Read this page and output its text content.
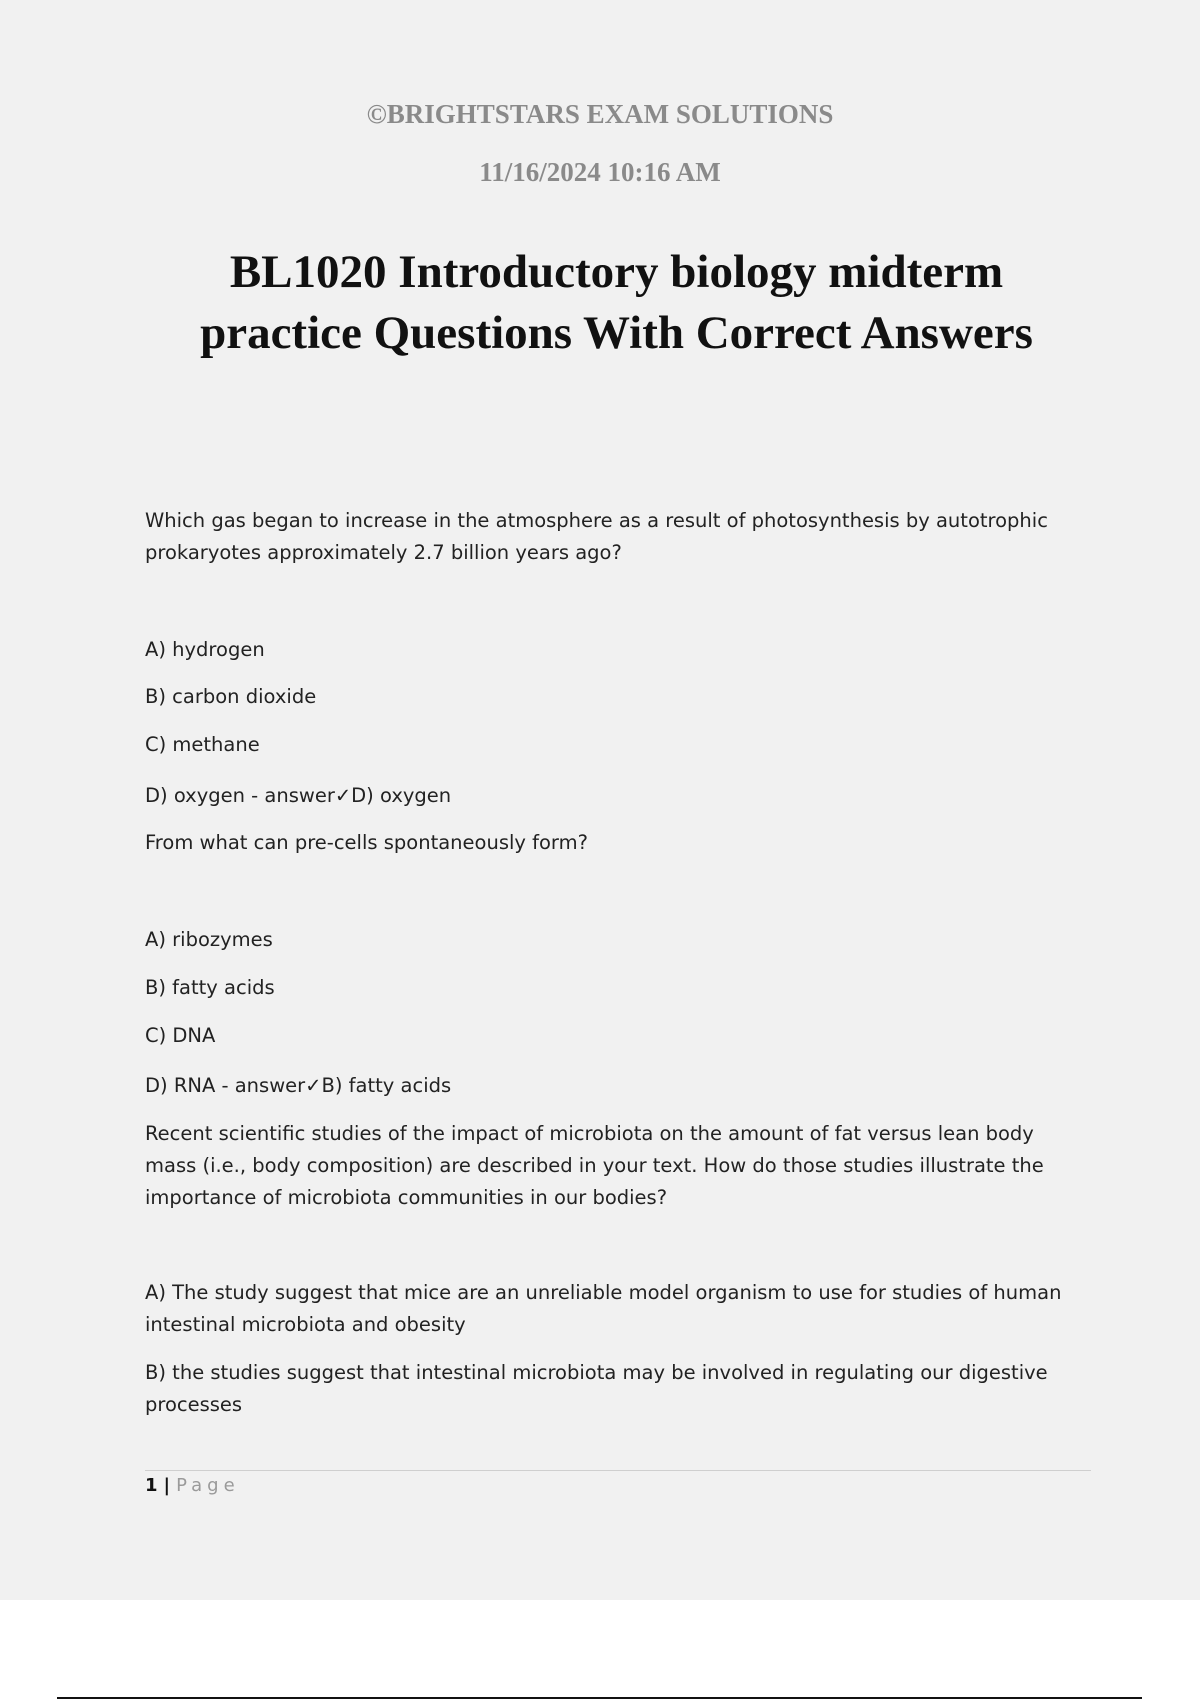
©BRIGHTSTARS EXAM SOLUTIONS
11/16/2024 10:16 AM
BL1020 Introductory biology midterm
practice Questions With Correct Answers

Which gas began to increase in the atmosphere as a result of photosynthesis by autotrophic prokaryotes approximately 2.7 billion years ago?

A) hydrogen

B) carbon dioxide

C) methane

D) oxygen - answer✓D) oxygen

From what can pre-cells spontaneously form?

A) ribozymes

B) fatty acids

C) DNA

D) RNA - answer✓B) fatty acids

Recent scientific studies of the impact of microbiota on the amount of fat versus lean body mass (i.e., body composition) are described in your text. How do those studies illustrate the importance of microbiota communities in our bodies?

A) The study suggest that mice are an unreliable model organism to use for studies of human intestinal microbiota and obesity

B) the studies suggest that intestinal microbiota may be involved in regulating our digestive processes

1 | Page
